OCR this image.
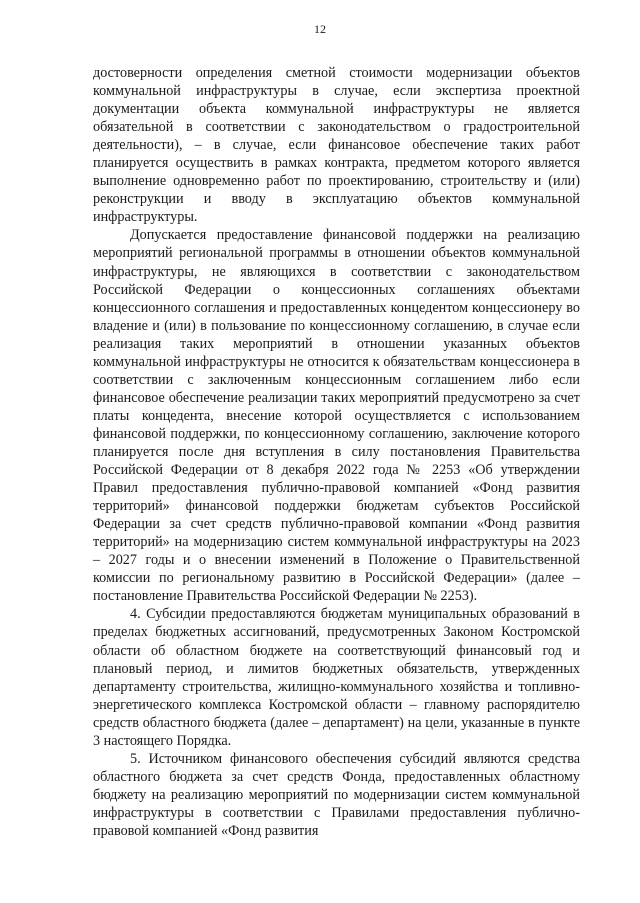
12

достоверности определения сметной стоимости модернизации объектов коммунальной инфраструктуры в случае, если экспертиза проектной документации объекта коммунальной инфраструктуры не является обязательной в соответствии с законодательством о градостроительной деятельности), – в случае, если финансовое обеспечение таких работ планируется осуществить в рамках контракта, предметом которого является выполнение одновременно работ по проектированию, строительству и (или) реконструкции и вводу в эксплуатацию объектов коммунальной инфраструктуры.

Допускается предоставление финансовой поддержки на реализацию мероприятий региональной программы в отношении объектов коммунальной инфраструктуры, не являющихся в соответствии с законодательством Российской Федерации о концессионных соглашениях объектами концессионного соглашения и предоставленных концедентом концессионеру во владение и (или) в пользование по концессионному соглашению, в случае если реализация таких мероприятий в отношении указанных объектов коммунальной инфраструктуры не относится к обязательствам концессионера в соответствии с заключенным концессионным соглашением либо если финансовое обеспечение реализации таких мероприятий предусмотрено за счет платы концедента, внесение которой осуществляется с использованием финансовой поддержки, по концессионному соглашению, заключение которого планируется после дня вступления в силу постановления Правительства Российской Федерации от 8 декабря 2022 года № 2253 «Об утверждении Правил предоставления публично-правовой компанией «Фонд развития территорий» финансовой поддержки бюджетам субъектов Российской Федерации за счет средств публично-правовой компании «Фонд развития территорий» на модернизацию систем коммунальной инфраструктуры на 2023 – 2027 годы и о внесении изменений в Положение о Правительственной комиссии по региональному развитию в Российской Федерации» (далее – постановление Правительства Российской Федерации № 2253).

4. Субсидии предоставляются бюджетам муниципальных образований в пределах бюджетных ассигнований, предусмотренных Законом Костромской области об областном бюджете на соответствующий финансовый год и плановый период, и лимитов бюджетных обязательств, утвержденных департаменту строительства, жилищно-коммунального хозяйства и топливно-энергетического комплекса Костромской области – главному распорядителю средств областного бюджета (далее – департамент) на цели, указанные в пункте 3 настоящего Порядка.

5. Источником финансового обеспечения субсидий являются средства областного бюджета за счет средств Фонда, предоставленных областному бюджету на реализацию мероприятий по модернизации систем коммунальной инфраструктуры в соответствии с Правилами предоставления публично-правовой компанией «Фонд развития
